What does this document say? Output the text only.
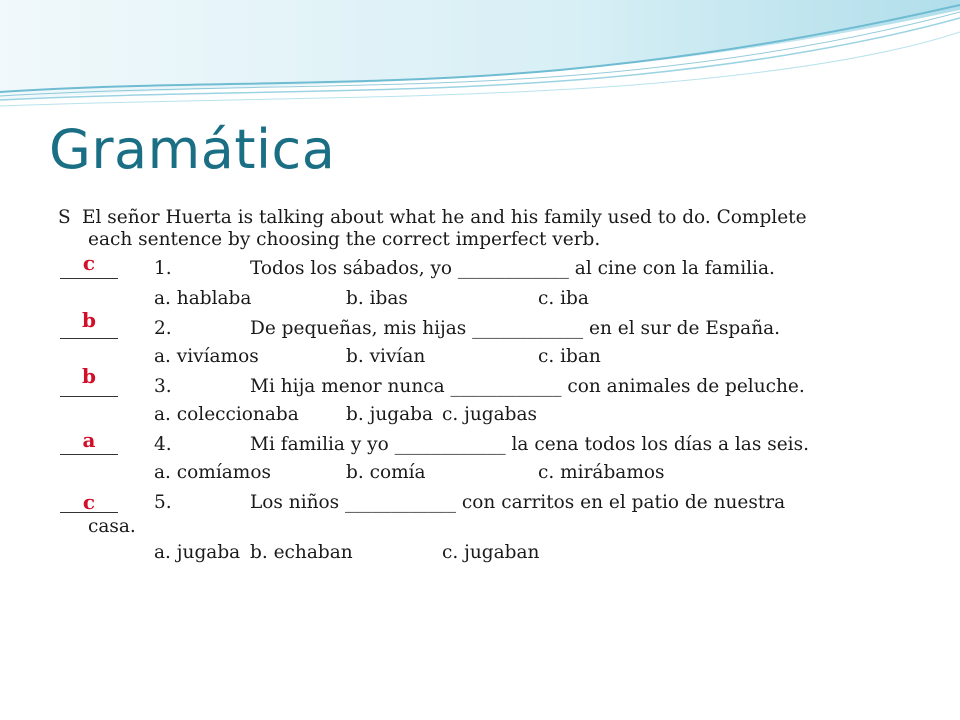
Gramática
S El señor Huerta is talking about what he and his family used to do. Complete
each sentence by choosing the correct imperfect verb.
c	1.	Todos los sábados, yo ____________ al cine con la familia.
a. hablaba	b. ibas	c. iba
b	2.	De pequeñas, mis hijas ____________ en el sur de España.
a. vivíamos	b. vivían	c. iban
b	3.	Mi hija menor nunca ____________ con animales de peluche.
a. coleccionaba	b. jugaba c. jugabas
a	4.	Mi familia y yo ____________ la cena todos los días a las seis.
a. comíamos	b. comía	c. mirábamos
c	5.	Los niños ____________ con carritos en el patio de nuestra
casa.
a. jugaba b. echaban	c. jugaban
